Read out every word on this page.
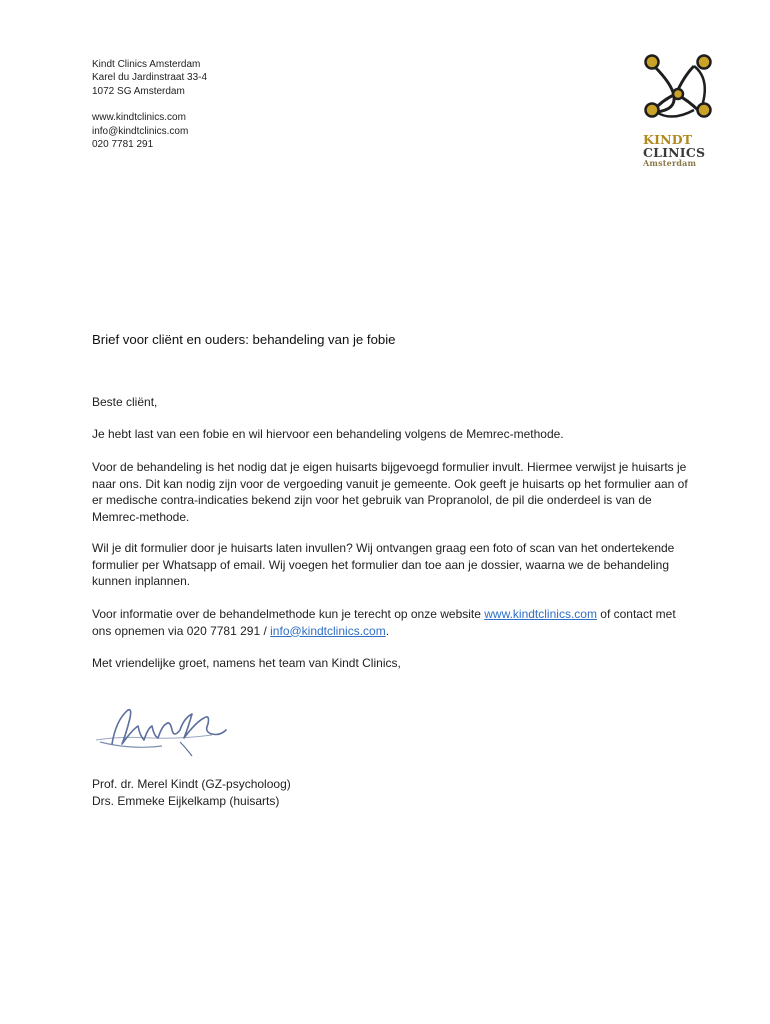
Kindt Clinics Amsterdam
Karel du Jardinstraat 33-4
1072 SG Amsterdam
www.kindtclinics.com
info@kindtclinics.com
020 7781 291	KINDT
CLINICS
Amsterdam
Brief voor cliënt en ouders: behandeling van je fobie
Beste cliënt,
Je hebt last van een fobie en wil hiervoor een behandeling volgens de Memrec-methode.
Voor de behandeling is het nodig dat je eigen huisarts bijgevoegd formulier invult. Hiermee verwijst je huisarts je naar ons. Dit kan nodig zijn voor de vergoeding vanuit je gemeente. Ook geeft je huisarts op het formulier aan of er medische contra-indicaties bekend zijn voor het gebruik van Propranolol, de pil die onderdeel is van de Memrec-methode.
Wil je dit formulier door je huisarts laten invullen? Wij ontvangen graag een foto of scan van het ondertekende formulier per Whatsapp of email. Wij voegen het formulier dan toe aan je dossier, waarna we de behandeling kunnen inplannen.
Voor informatie over de behandelmethode kun je terecht op onze website www.kindtclinics.com of contact met ons opnemen via 020 7781 291 / info@kindtclinics.com.
Met vriendelijke groet, namens het team van Kindt Clinics,
Prof. dr. Merel Kindt (GZ-psycholoog)
Drs. Emmeke Eijkelkamp (huisarts)
